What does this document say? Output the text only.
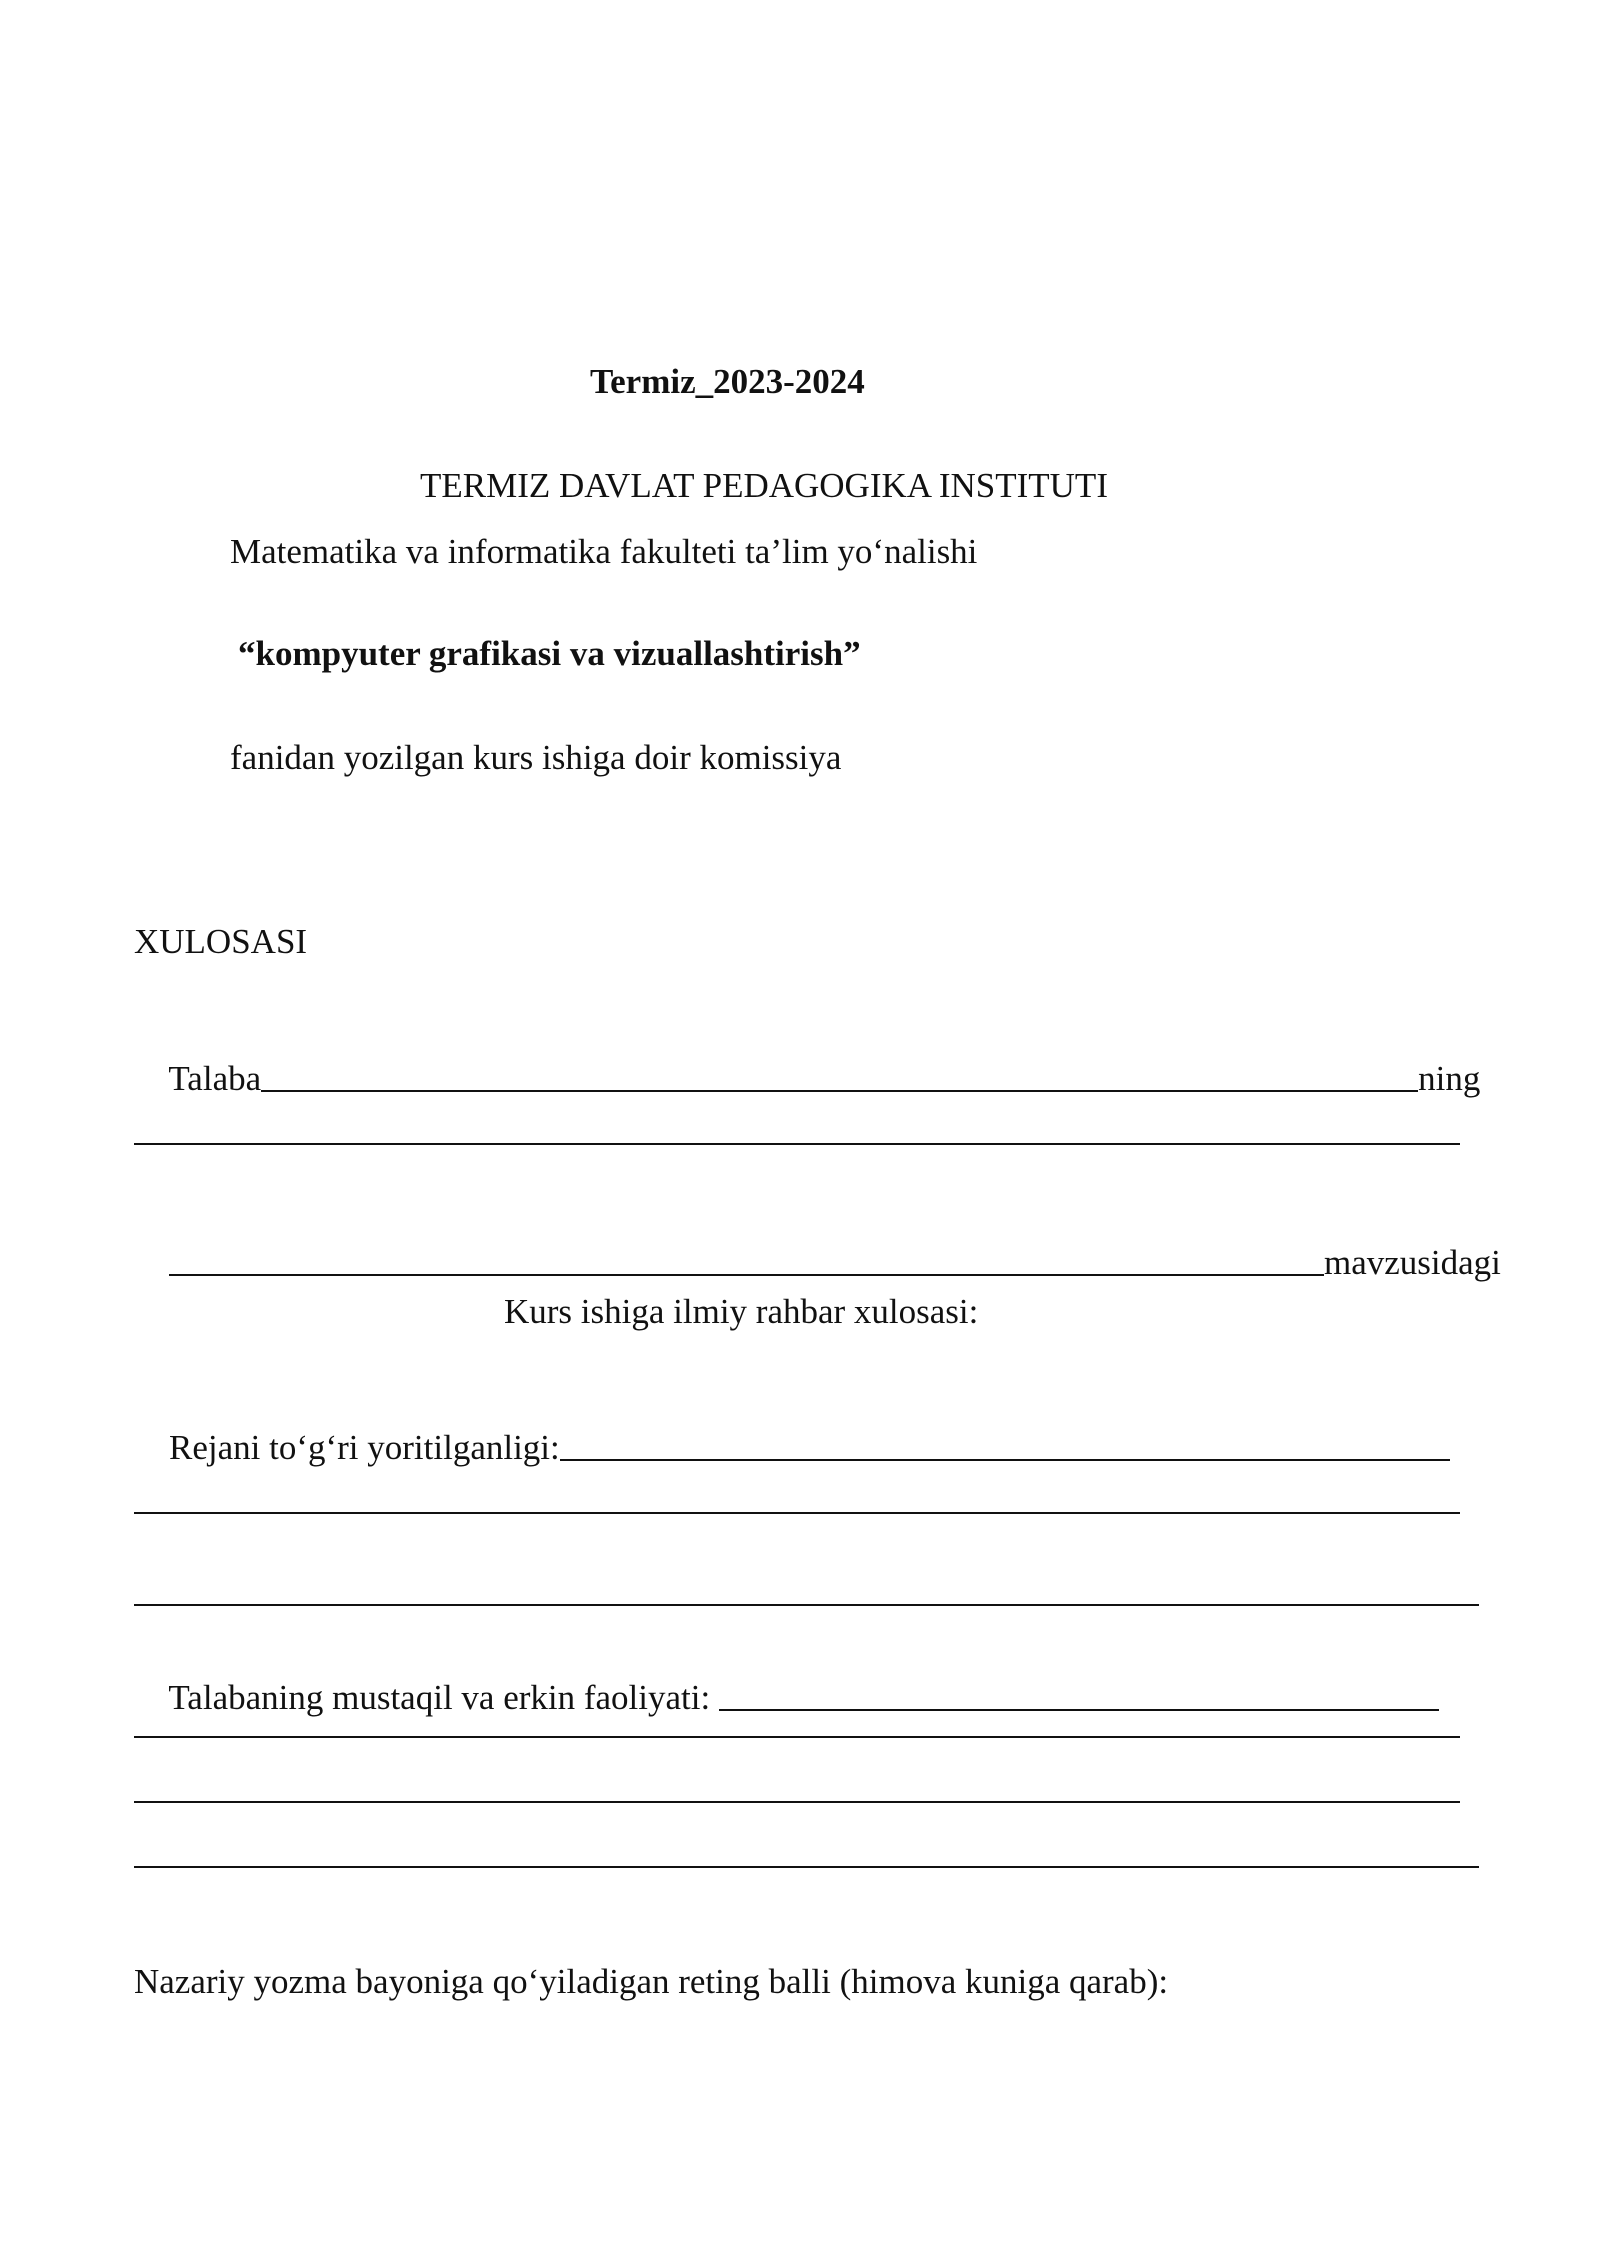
Termiz_2023-2024
TERMIZ DAVLAT PEDAGOGIKA INSTITUTI
Matematika va informatika fakulteti ta’lim yo‘nalishi
“kompyuter grafikasi va vizuallashtirish”
fanidan yozilgan kurs ishiga doir komissiya
XULOSASI

Talaba	ning

mavzusidagi

Kurs ishiga ilmiy rahbar xulosasi:

Rejani to‘g‘ri yoritilganligi:

Talabaning mustaqil va erkin faoliyati:

Nazariy yozma bayoniga qo‘yiladigan reting balli (himova kuniga qarab):
